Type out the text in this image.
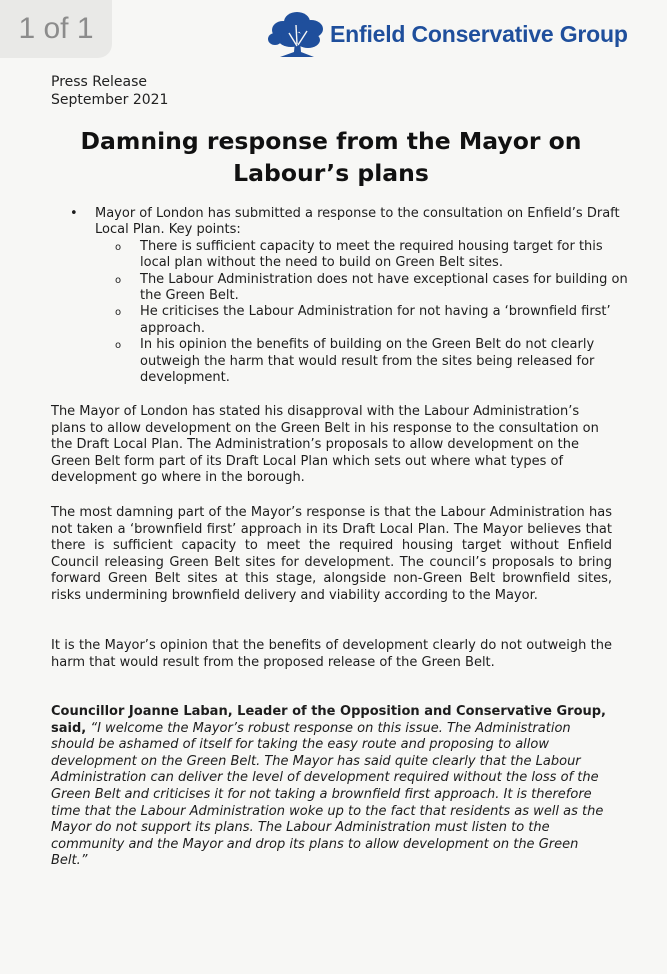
1 of 1	Enfield Conservative Group
Press Release
September 2021
Damning response from the Mayor on
Labour’s plans
•	Mayor of London has submitted a response to the consultation on Enfield’s Draft Local Plan. Key points:
o	There is sufficient capacity to meet the required housing target for this local plan without the need to build on Green Belt sites.
o	The Labour Administration does not have exceptional cases for building on the Green Belt.
o	He criticises the Labour Administration for not having a ‘brownfield first’ approach.
o	In his opinion the benefits of building on the Green Belt do not clearly outweigh the harm that would result from the sites being released for development.
The Mayor of London has stated his disapproval with the Labour Administration’s plans to allow development on the Green Belt in his response to the consultation on the Draft Local Plan. The Administration’s proposals to allow development on the Green Belt form part of its Draft Local Plan which sets out where what types of development go where in the borough.
The most damning part of the Mayor’s response is that the Labour Administration has not taken a ‘brownfield first’ approach in its Draft Local Plan. The Mayor believes that there is sufficient capacity to meet the required housing target without Enfield Council releasing Green Belt sites for development. The council’s proposals to bring forward Green Belt sites at this stage, alongside non-Green Belt brownfield sites, risks undermining brownfield delivery and viability according to the Mayor.
It is the Mayor’s opinion that the benefits of development clearly do not outweigh the harm that would result from the proposed release of the Green Belt.
Councillor Joanne Laban, Leader of the Opposition and Conservative Group, said, “I welcome the Mayor’s robust response on this issue. The Administration should be ashamed of itself for taking the easy route and proposing to allow development on the Green Belt. The Mayor has said quite clearly that the Labour Administration can deliver the level of development required without the loss of the Green Belt and criticises it for not taking a brownfield first approach. It is therefore time that the Labour Administration woke up to the fact that residents as well as the Mayor do not support its plans. The Labour Administration must listen to the community and the Mayor and drop its plans to allow development on the Green Belt.”
